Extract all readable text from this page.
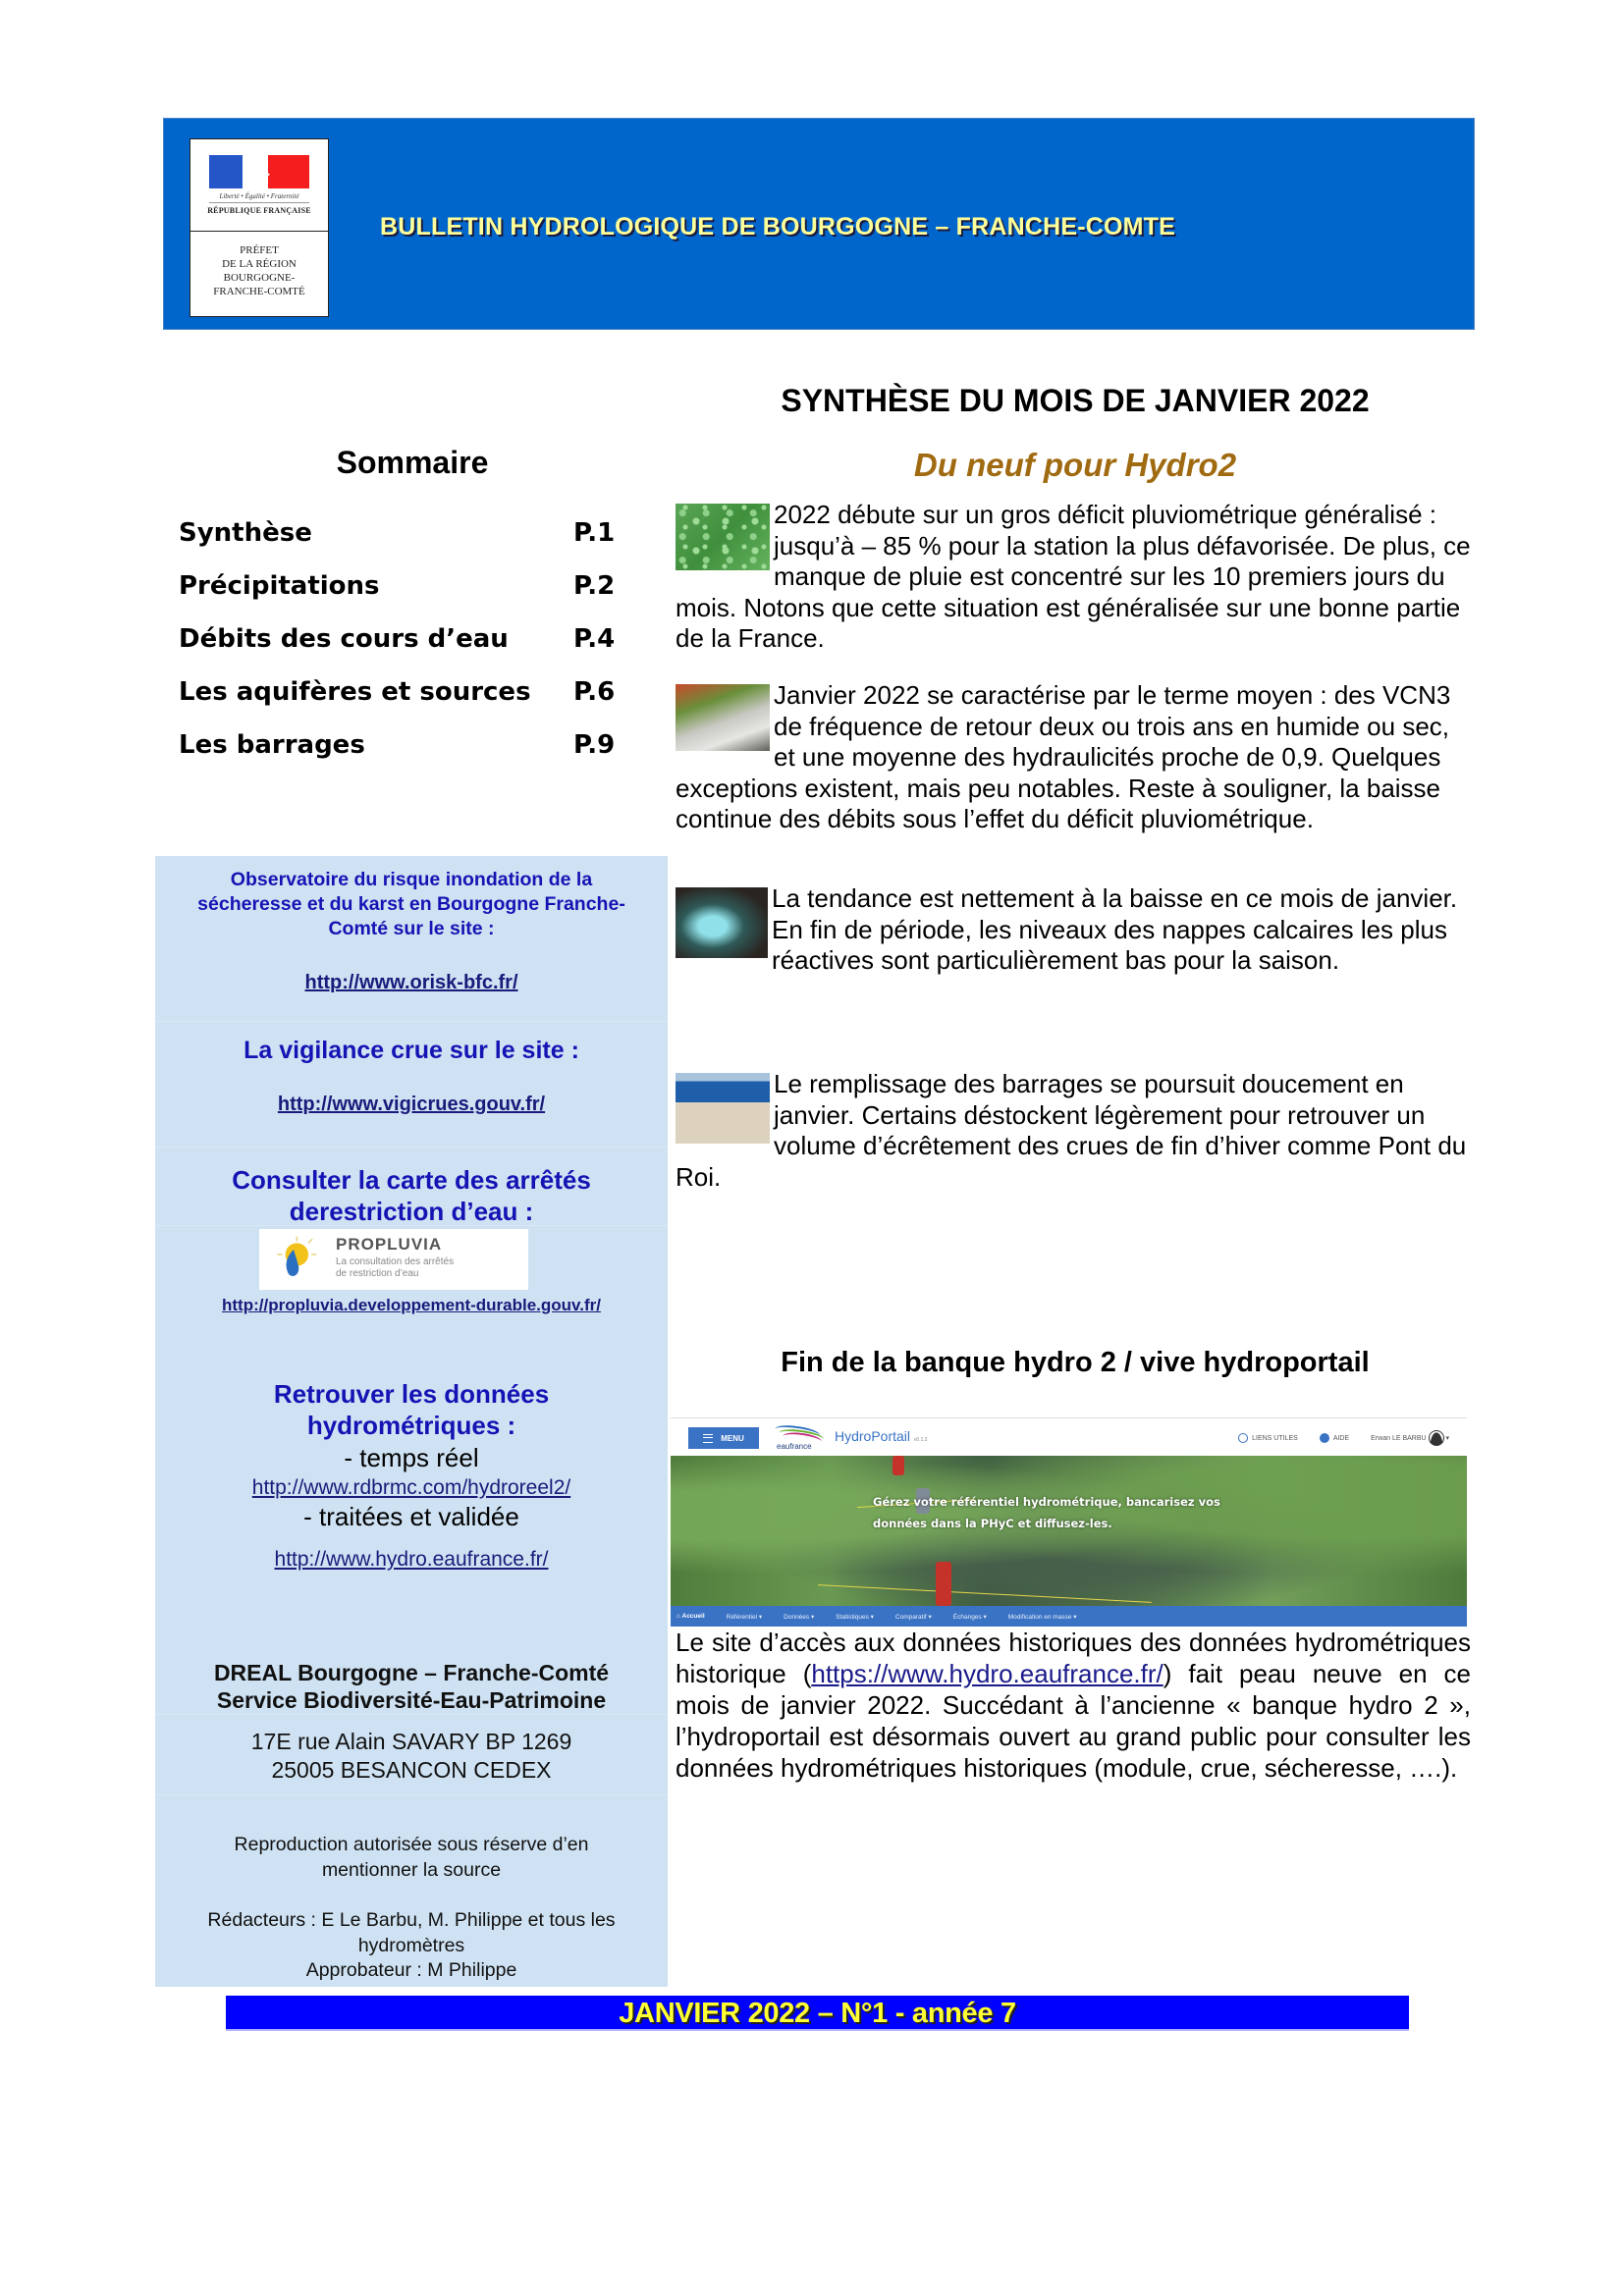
Liberté • Égalité • Fraternité
RÉPUBLIQUE FRANÇAISE
PRÉFET
DE LA RÉGION
BOURGOGNE-
FRANCHE-COMTÉ
BULLETIN HYDROLOGIQUE DE BOURGOGNE – FRANCHE-COMTE
Sommaire
Synthèse	P.1
Précipitations	P.2
Débits des cours d’eau	P.4
Les aquifères et sources P.6
Les barrages	P.9
Observatoire du risque inondation de la
sécheresse et du karst en Bourgogne Franche-
Comté sur le site :
http://www.orisk-bfc.fr/
La vigilance crue sur le site :
http://www.vigicrues.gouv.fr/
Consulter la carte des arrêtés
derestriction d’eau :
PROPLUVIA
La consultation des arrêtés
de restriction d’eau
http://propluvia.developpement-durable.gouv.fr/
Retrouver les données
hydrométriques :
- temps réel
http://www.rdbrmc.com/hydroreel2/
- traitées et validée
http://www.hydro.eaufrance.fr/
DREAL Bourgogne – Franche-Comté
Service Biodiversité-Eau-Patrimoine
17E rue Alain SAVARY BP 1269
25005 BESANCON CEDEX
Reproduction autorisée sous réserve d’en
mentionner la source
Rédacteurs : E Le Barbu, M. Philippe et tous les
hydromètres
Approbateur : M Philippe
SYNTHÈSE DU MOIS DE JANVIER 2022
Du neuf pour Hydro2
2022 débute sur un gros déficit pluviométrique généralisé : jusqu’à – 85 % pour la station la plus défavorisée. De plus, ce manque de pluie est concentré sur les 10 premiers jours du mois. Notons que cette situation est généralisée sur une bonne partie de la France.
Janvier 2022 se caractérise par le terme moyen : des VCN3 de fréquence de retour deux ou trois ans en humide ou sec, et une moyenne des hydraulicités proche de 0,9. Quelques exceptions existent, mais peu notables. Reste à souligner, la baisse continue des débits sous l’effet du déficit pluviométrique.
La tendance est nettement à la baisse en ce mois de janvier. En fin de période, les niveaux des nappes calcaires les plus réactives sont particulièrement bas pour la saison.
Le remplissage des barrages se poursuit doucement en janvier. Certains déstockent légèrement pour retrouver un volume d’écrêtement des crues de fin d’hiver comme Pont du Roi.
Fin de la banque hydro 2 / vive hydroportail
MENU
eaufrance
HydroPortail v0.1.2	LIENS UTILES	AIDE	Erwan LE BARBU	▾
Gérez votre référentiel hydrométrique, bancarisez vos
données dans la PHyC et diffusez-les.
⌂ Accueil	Référentiel ▾	Données ▾	Statistiques ▾	Comparatif ▾	Échanges ▾	Modification en masse ▾
Le site d’accès aux données historiques des données hydrométriques historique (https://www.hydro.eaufrance.fr/) fait peau neuve en ce mois de janvier 2022. Succédant à l’ancienne « banque hydro 2 », l’hydroportail est désormais ouvert au grand public pour consulter les données hydrométriques historiques (module, crue, sécheresse, ….).
JANVIER 2022 – N°1 - année 7
